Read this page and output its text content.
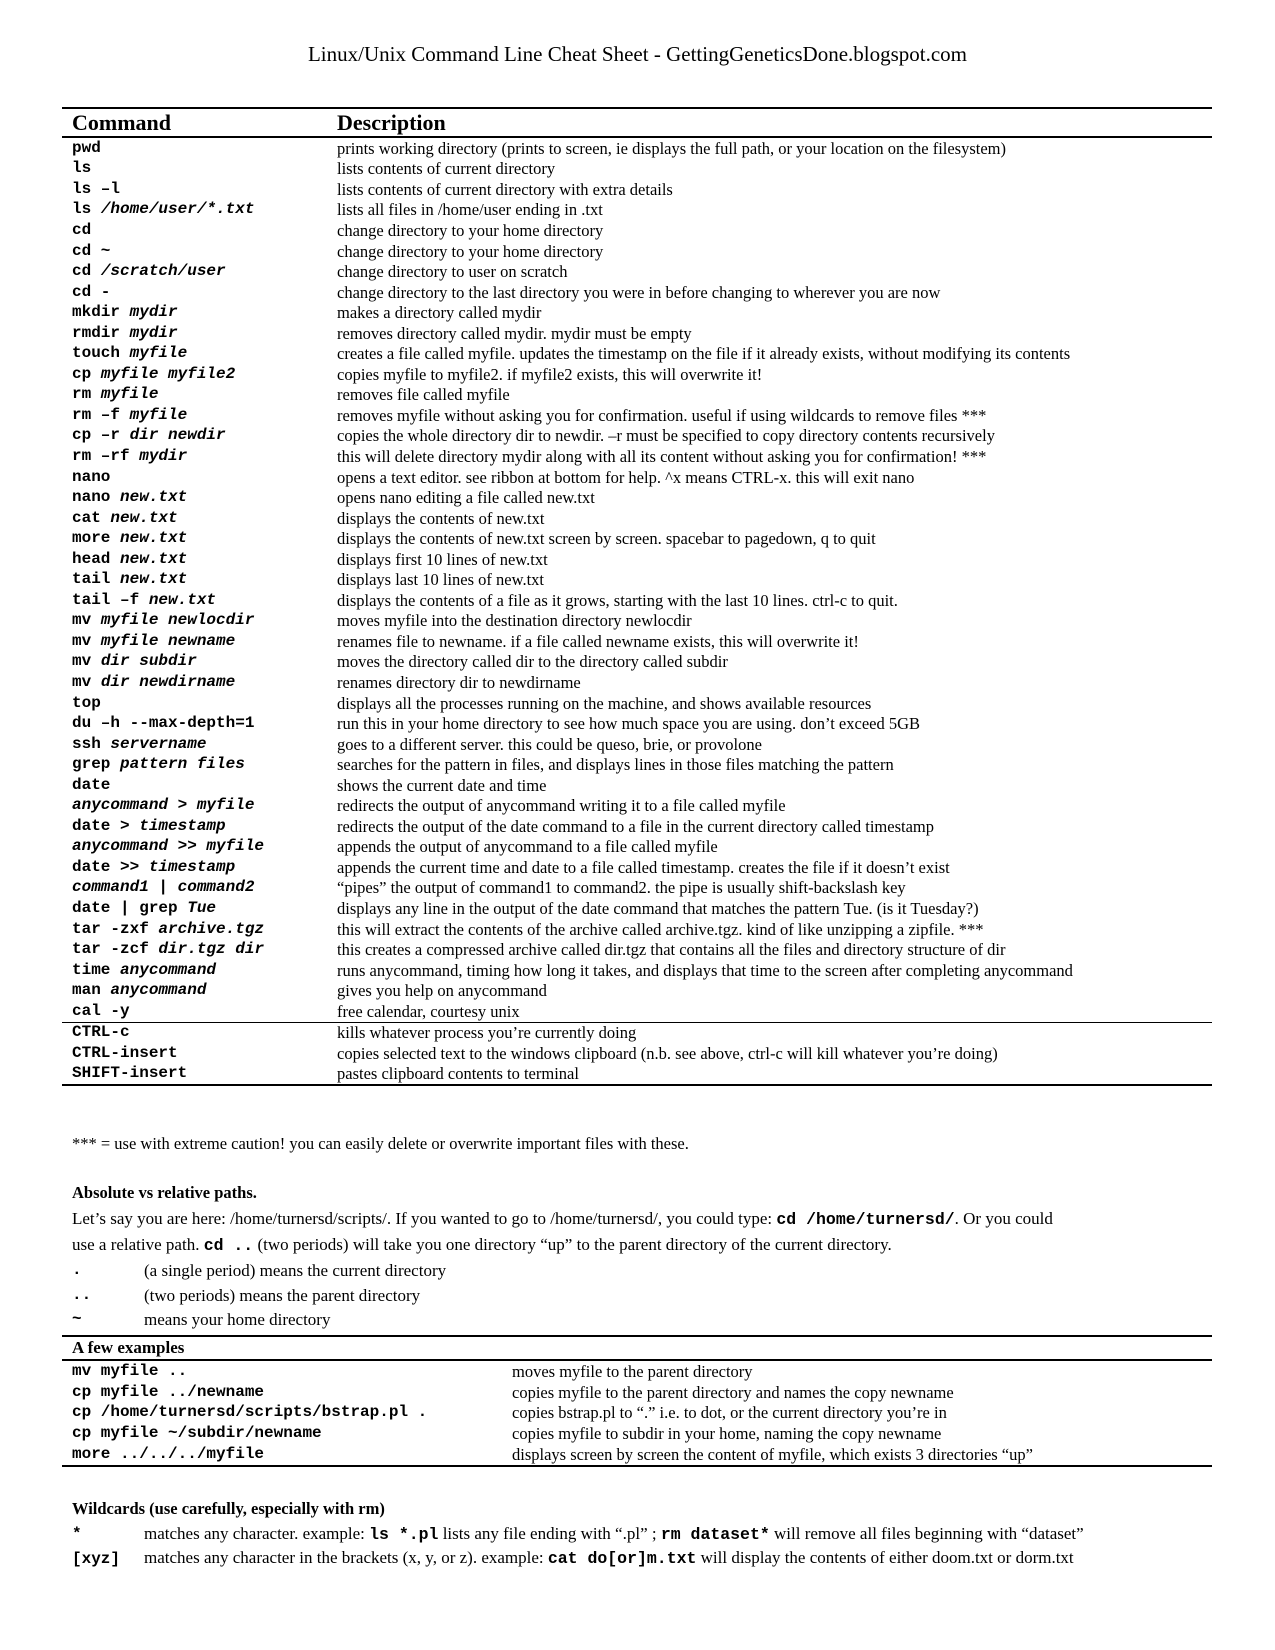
Linux/Unix Command Line Cheat Sheet - GettingGeneticsDone.blogspot.com
Command	Description
pwd	prints working directory (prints to screen, ie displays the full path, or your location on the filesystem)
ls	lists contents of current directory
ls –l	lists contents of current directory with extra details
ls /home/user/*.txt	lists all files in /home/user ending in .txt
cd	change directory to your home directory
cd ~	change directory to your home directory
cd /scratch/user	change directory to user on scratch
cd -	change directory to the last directory you were in before changing to wherever you are now
mkdir mydir	makes a directory called mydir
rmdir mydir	removes directory called mydir. mydir must be empty
touch myfile	creates a file called myfile. updates the timestamp on the file if it already exists, without modifying its contents
cp myfile myfile2	copies myfile to myfile2. if myfile2 exists, this will overwrite it!
rm myfile	removes file called myfile
rm –f myfile	removes myfile without asking you for confirmation. useful if using wildcards to remove files ***
cp –r dir newdir	copies the whole directory dir to newdir. –r must be specified to copy directory contents recursively
rm –rf mydir	this will delete directory mydir along with all its content without asking you for confirmation! ***
nano	opens a text editor. see ribbon at bottom for help. ^x means CTRL-x. this will exit nano
nano new.txt	opens nano editing a file called new.txt
cat new.txt	displays the contents of new.txt
more new.txt	displays the contents of new.txt screen by screen. spacebar to pagedown, q to quit
head new.txt	displays first 10 lines of new.txt
tail new.txt	displays last 10 lines of new.txt
tail –f new.txt	displays the contents of a file as it grows, starting with the last 10 lines. ctrl-c to quit.
mv myfile newlocdir	moves myfile into the destination directory newlocdir
mv myfile newname	renames file to newname. if a file called newname exists, this will overwrite it!
mv dir subdir	moves the directory called dir to the directory called subdir
mv dir newdirname	renames directory dir to newdirname
top	displays all the processes running on the machine, and shows available resources
du –h --max-depth=1	run this in your home directory to see how much space you are using. don’t exceed 5GB
ssh servername	goes to a different server. this could be queso, brie, or provolone
grep pattern files	searches for the pattern in files, and displays lines in those files matching the pattern
date	shows the current date and time
anycommand > myfile	redirects the output of anycommand writing it to a file called myfile
date > timestamp	redirects the output of the date command to a file in the current directory called timestamp
anycommand >> myfile	appends the output of anycommand to a file called myfile
date >> timestamp	appends the current time and date to a file called timestamp. creates the file if it doesn’t exist
command1 | command2	“pipes” the output of command1 to command2. the pipe is usually shift-backslash key
date | grep Tue	displays any line in the output of the date command that matches the pattern Tue. (is it Tuesday?)
tar -zxf archive.tgz	this will extract the contents of the archive called archive.tgz. kind of like unzipping a zipfile. ***
tar -zcf dir.tgz dir	this creates a compressed archive called dir.tgz that contains all the files and directory structure of dir
time anycommand	runs anycommand, timing how long it takes, and displays that time to the screen after completing anycommand
man anycommand	gives you help on anycommand
cal -y	free calendar, courtesy unix
CTRL-c	kills whatever process you’re currently doing
CTRL-insert	copies selected text to the windows clipboard (n.b. see above, ctrl-c will kill whatever you’re doing)
SHIFT-insert	pastes clipboard contents to terminal
*** = use with extreme caution! you can easily delete or overwrite important files with these.
Absolute vs relative paths.
Let’s say you are here: /home/turnersd/scripts/. If you wanted to go to /home/turnersd/, you could type: cd /home/turnersd/. Or you could
use a relative path. cd .. (two periods) will take you one directory “up” to the parent directory of the current directory.
.	(a single period) means the current directory
..	(two periods) means the parent directory
~	means your home directory
A few examples	
mv myfile ..	moves myfile to the parent directory
cp myfile ../newname	copies myfile to the parent directory and names the copy newname
cp /home/turnersd/scripts/bstrap.pl .	copies bstrap.pl to “.” i.e. to dot, or the current directory you’re in
cp myfile ~/subdir/newname	copies myfile to subdir in your home, naming the copy newname
more ../../../myfile	displays screen by screen the content of myfile, which exists 3 directories “up”
Wildcards (use carefully, especially with rm)
*	matches any character. example: ls *.pl lists any file ending with “.pl” ; rm dataset* will remove all files beginning with “dataset”
[xyz]	matches any character in the brackets (x, y, or z). example: cat do[or]m.txt will display the contents of either doom.txt or dorm.txt
